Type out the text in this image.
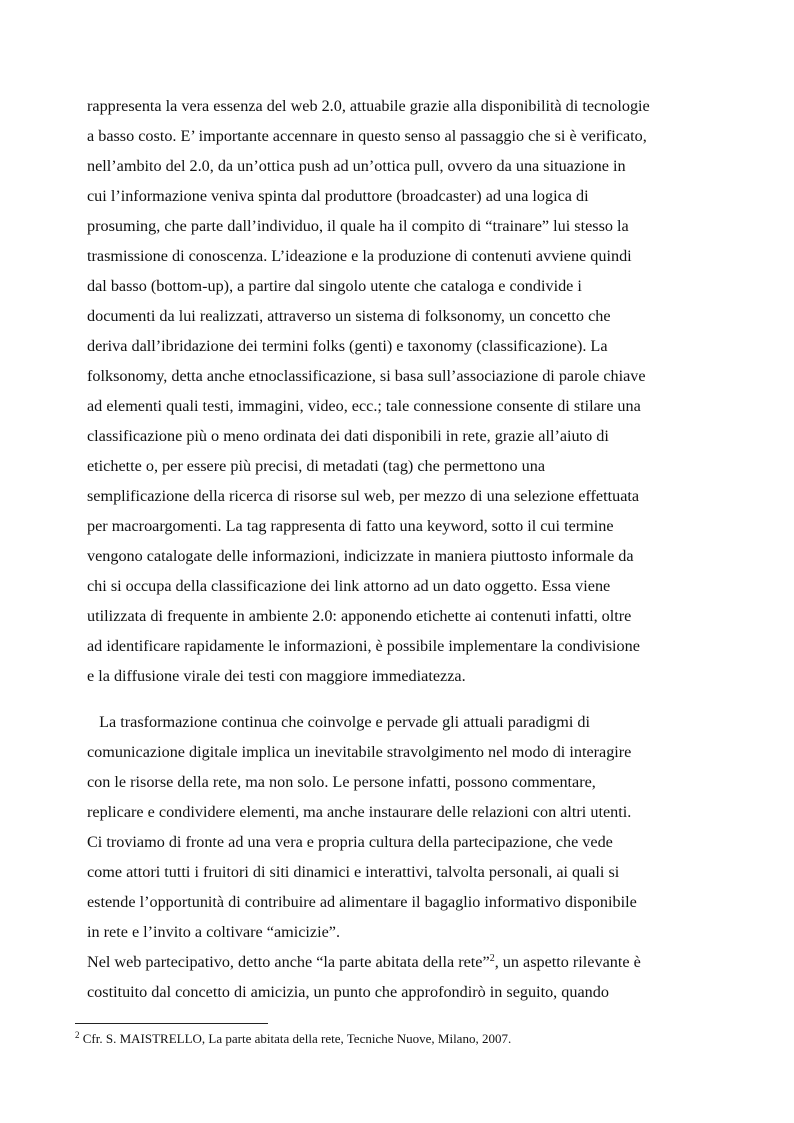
rappresenta la vera essenza del web 2.0, attuabile grazie alla disponibilità di tecnologie
a basso costo. E’ importante accennare in questo senso al passaggio che si è verificato,
nell’ambito del 2.0, da un’ottica push ad un’ottica pull, ovvero da una situazione in
cui l’informazione veniva spinta dal produttore (broadcaster) ad una logica di
prosuming, che parte dall’individuo, il quale ha il compito di “trainare” lui stesso la
trasmissione di conoscenza. L’ideazione e la produzione di contenuti avviene quindi
dal basso (bottom-up), a partire dal singolo utente che cataloga e condivide i
documenti da lui realizzati, attraverso un sistema di folksonomy, un concetto che
deriva dall’ibridazione dei termini folks (genti) e taxonomy (classificazione). La
folksonomy, detta anche etnoclassificazione, si basa sull’associazione di parole chiave
ad elementi quali testi, immagini, video, ecc.; tale connessione consente di stilare una
classificazione più o meno ordinata dei dati disponibili in rete, grazie all’aiuto di
etichette o, per essere più precisi, di metadati (tag) che permettono una
semplificazione della ricerca di risorse sul web, per mezzo di una selezione effettuata
per macroargomenti. La tag rappresenta di fatto una keyword, sotto il cui termine
vengono catalogate delle informazioni, indicizzate in maniera piuttosto informale da
chi si occupa della classificazione dei link attorno ad un dato oggetto. Essa viene
utilizzata di frequente in ambiente 2.0: apponendo etichette ai contenuti infatti, oltre
ad identificare rapidamente le informazioni, è possibile implementare la condivisione
e la diffusione virale dei testi con maggiore immediatezza.
La trasformazione continua che coinvolge e pervade gli attuali paradigmi di
comunicazione digitale implica un inevitabile stravolgimento nel modo di interagire
con le risorse della rete, ma non solo. Le persone infatti, possono commentare,
replicare e condividere elementi, ma anche instaurare delle relazioni con altri utenti.
Ci troviamo di fronte ad una vera e propria cultura della partecipazione, che vede
come attori tutti i fruitori di siti dinamici e interattivi, talvolta personali, ai quali si
estende l’opportunità di contribuire ad alimentare il bagaglio informativo disponibile
in rete e l’invito a coltivare “amicizie”.
Nel web partecipativo, detto anche “la parte abitata della rete”$^2$, un aspetto rilevante è
costituito dal concetto di amicizia, un punto che approfondirò in seguito, quando
$^2$ Cfr. S. MAISTRELLO, La parte abitata della rete, Tecniche Nuove, Milano, 2007.
